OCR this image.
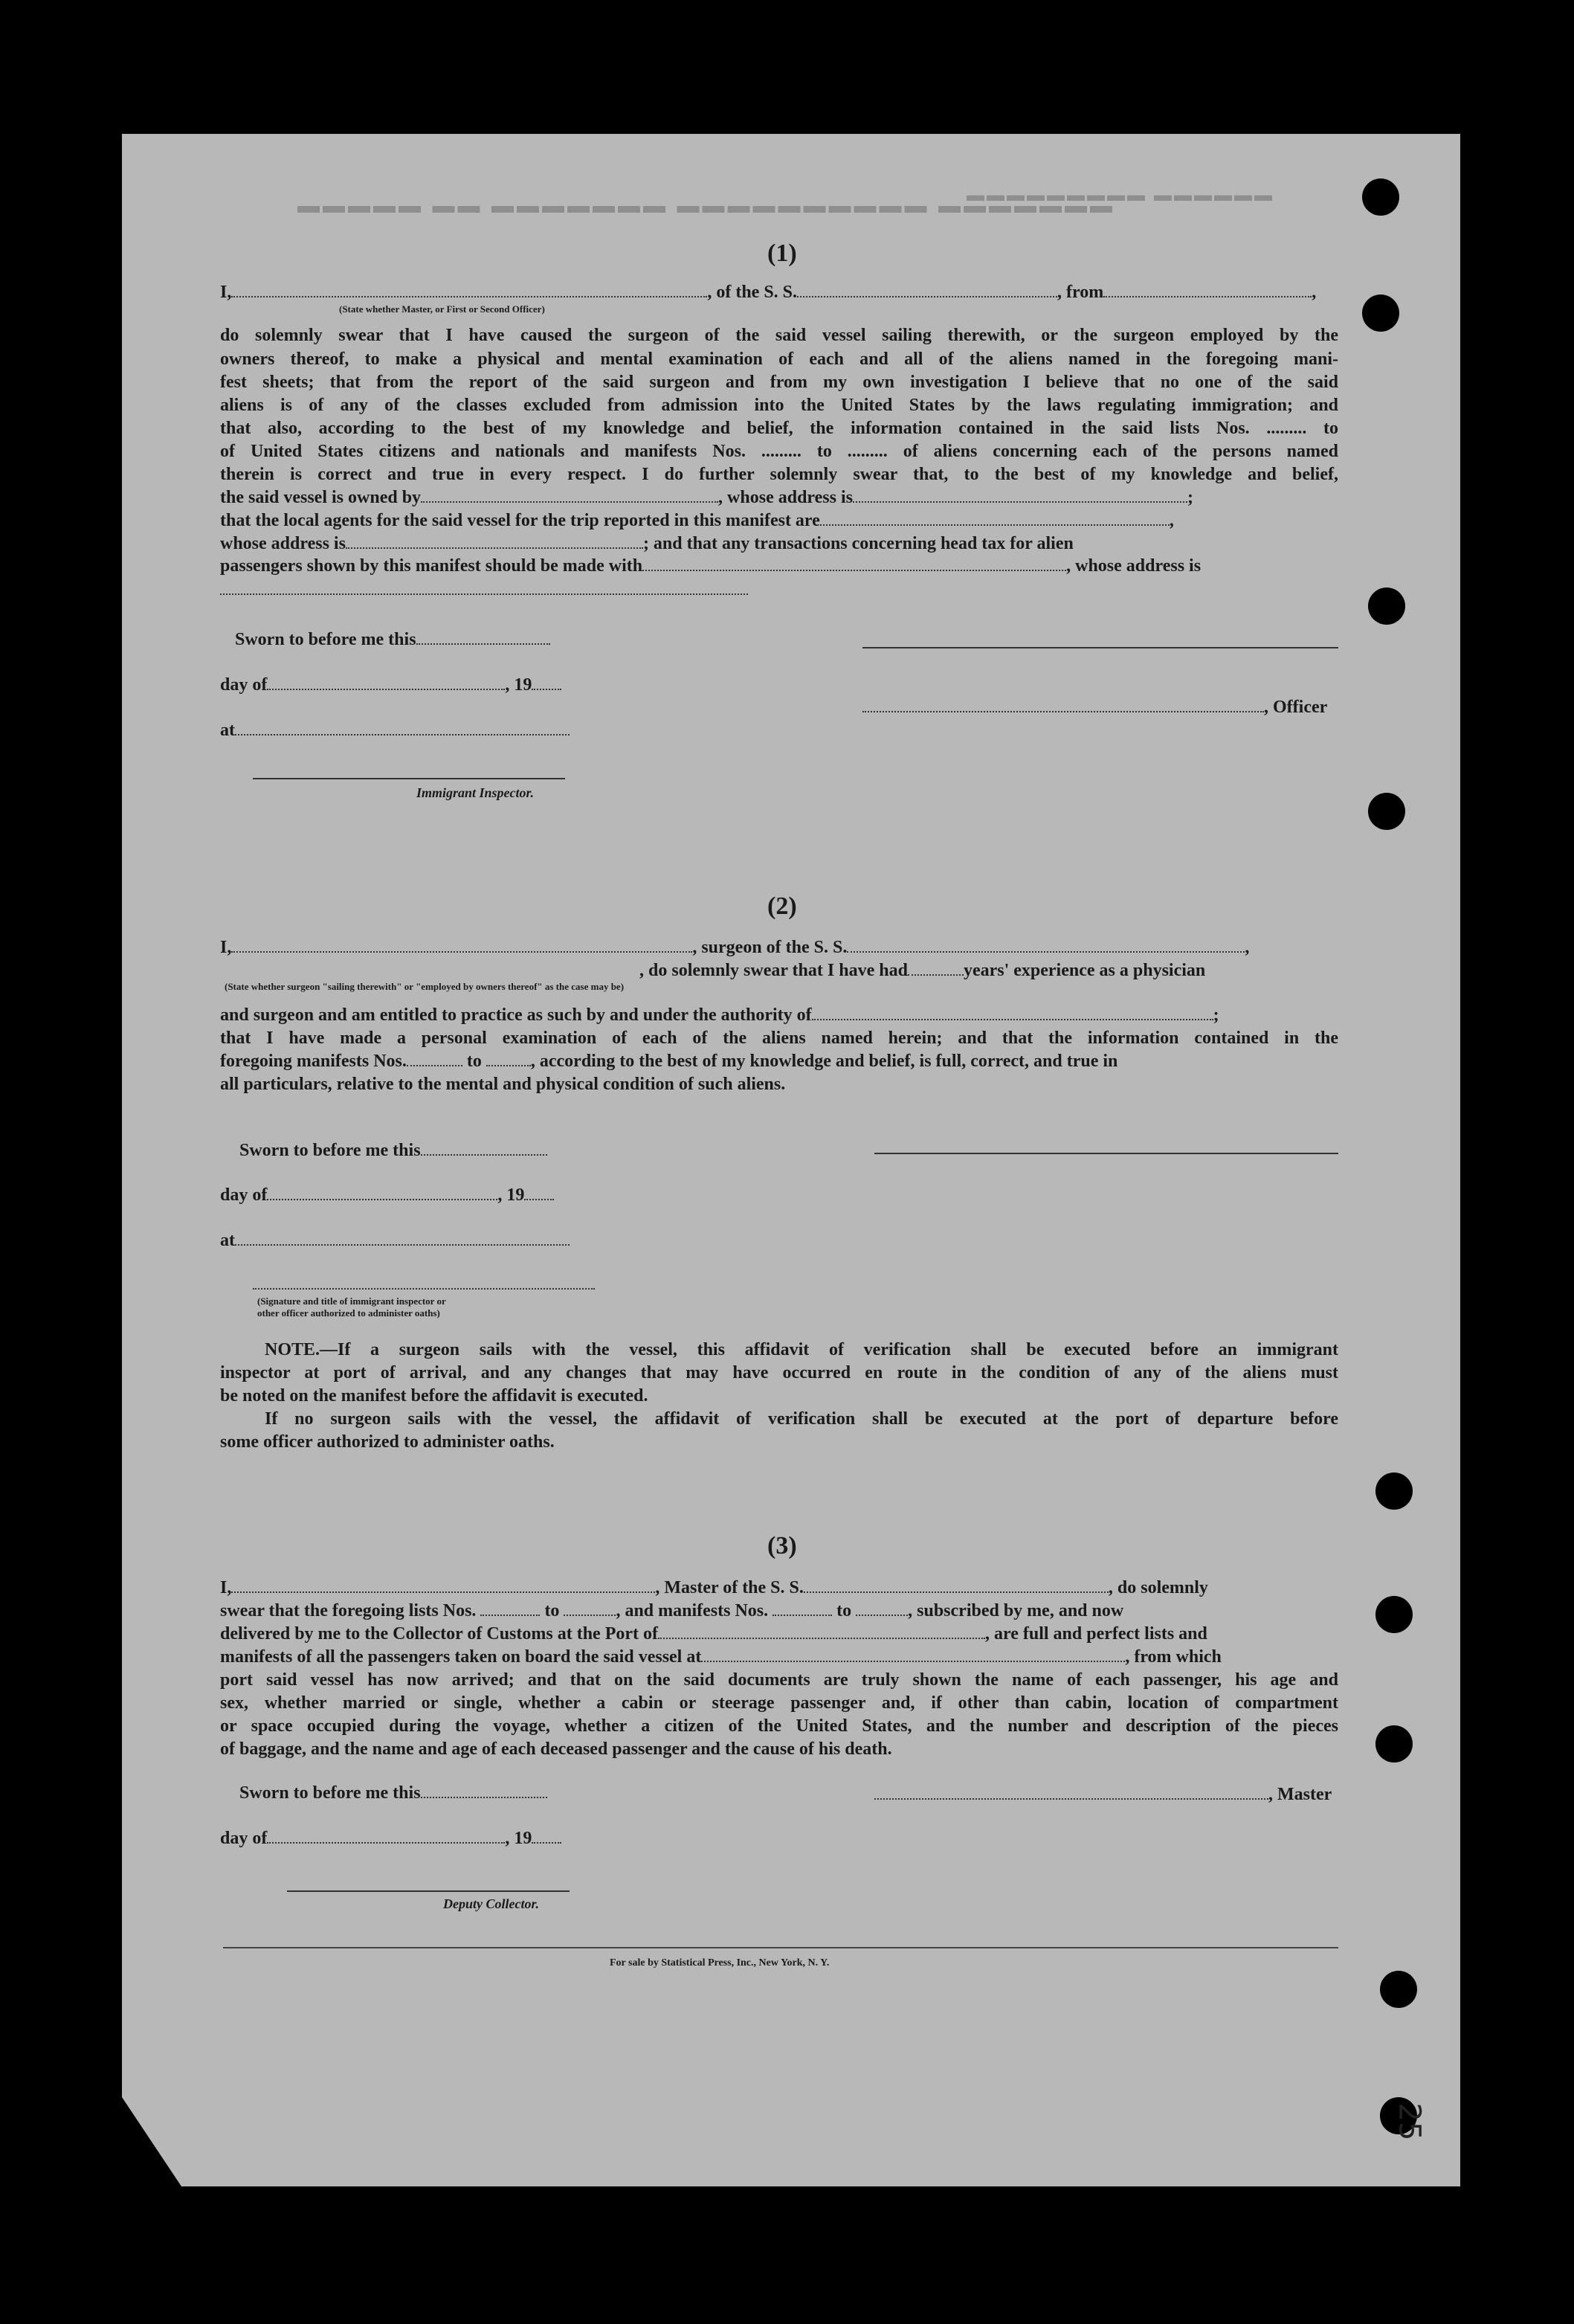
▬▬▬▬▬ ▬▬ ▬▬▬▬▬▬▬ ▬▬▬▬▬▬▬▬▬▬ ▬▬▬▬▬▬▬
▬▬▬▬▬▬▬▬▬ ▬▬▬▬▬▬
(1)
I,	, of the S. S.	, from	,
(State whether Master, or First or Second Officer)
do solemnly swear that I have caused the surgeon of the said vessel sailing therewith, or the surgeon employed by the
owners thereof, to make a physical and mental examination of each and all of the aliens named in the foregoing mani-
fest sheets; that from the report of the said surgeon and from my own investigation I believe that no one of the said
aliens is of any of the classes excluded from admission into the United States by the laws regulating immigration; and
that also, according to the best of my knowledge and belief, the information contained in the said lists Nos. ......... to
of United States citizens and nationals and manifests Nos. ......... to ......... of aliens concerning each of the persons named
therein is correct and true in every respect. I do further solemnly swear that, to the best of my knowledge and belief,
the said vessel is owned by	, whose address is	;
that the local agents for the said vessel for the trip reported in this manifest are	,
whose address is	; and that any transactions concerning head tax for alien
passengers shown by this manifest should be made with	, whose address is
Sworn to before me this
day of	, 19
at
, Officer
Immigrant Inspector.
(2)
I,	, surgeon of the S. S.	,
, do solemnly swear that I have had	years' experience as a physician
(State whether surgeon "sailing therewith" or "employed by owners thereof" as the case may be)
and surgeon and am entitled to practice as such by and under the authority of	;
that I have made a personal examination of each of the aliens named herein; and that the information contained in the
foregoing manifests Nos.	to	, according to the best of my knowledge and belief, is full, correct, and true in
all particulars, relative to the mental and physical condition of such aliens.
Sworn to before me this
day of	, 19
at
(Signature and title of immigrant inspector or
other officer authorized to administer oaths)
NOTE.—If a surgeon sails with the vessel, this affidavit of verification shall be executed before an immigrant
inspector at port of arrival, and any changes that may have occurred en route in the condition of any of the aliens must
be noted on the manifest before the affidavit is executed.
If no surgeon sails with the vessel, the affidavit of verification shall be executed at the port of departure before
some officer authorized to administer oaths.
(3)
I,	, Master of the S. S.	, do solemnly
swear that the foregoing lists Nos.	to	, and manifests Nos.	to	, subscribed by me, and now
delivered by me to the Collector of Customs at the Port of	, are full and perfect lists and
manifests of all the passengers taken on board the said vessel at	, from which
port said vessel has now arrived; and that on the said documents are truly shown the name of each passenger, his age and
sex, whether married or single, whether a cabin or steerage passenger and, if other than cabin, location of compartment
or space occupied during the voyage, whether a citizen of the United States, and the number and description of the pieces
of baggage, and the name and age of each deceased passenger and the cause of his death.
Sworn to before me this	, Master
day of	, 19
Deputy Collector.
For sale by Statistical Press, Inc., New York, N. Y.
25
